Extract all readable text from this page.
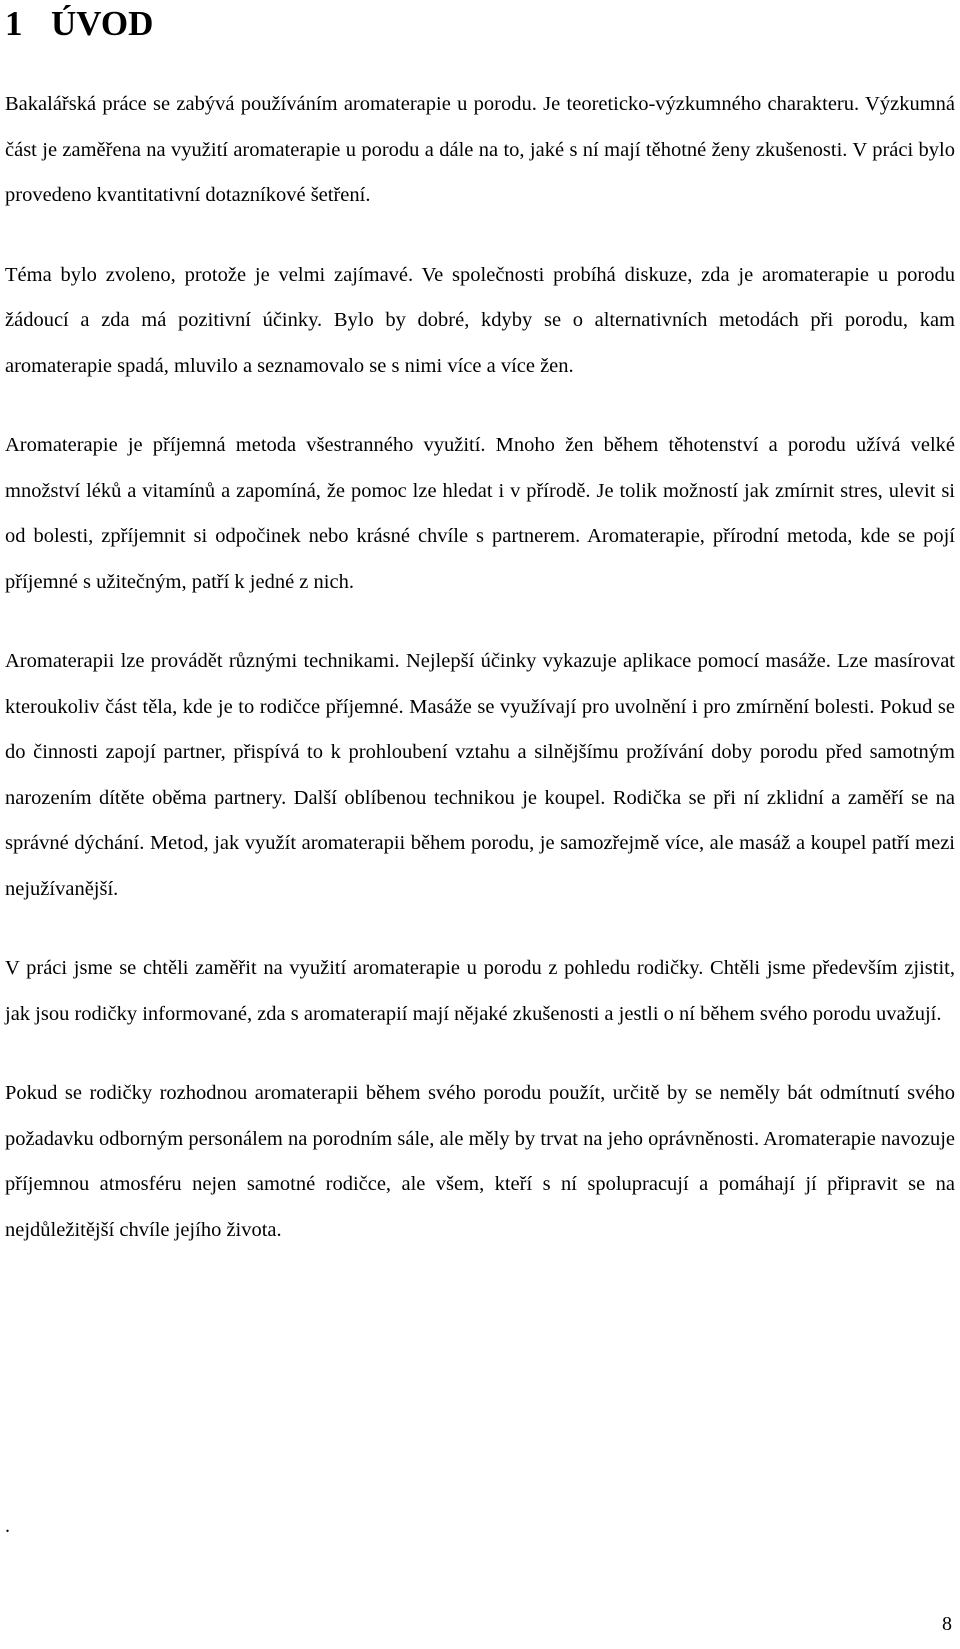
1 ÚVOD

Bakalářská práce se zabývá používáním aromaterapie u porodu. Je teoreticko-výzkumného charakteru. Výzkumná část je zaměřena na využití aromaterapie u porodu a dále na to, jaké s ní mají těhotné ženy zkušenosti. V práci bylo provedeno kvantitativní dotazníkové šetření.

Téma bylo zvoleno, protože je velmi zajímavé. Ve společnosti probíhá diskuze, zda je aromaterapie u porodu žádoucí a zda má pozitivní účinky. Bylo by dobré, kdyby se o alternativních metodách při porodu, kam aromaterapie spadá, mluvilo a seznamovalo se s nimi více a více žen.

Aromaterapie je příjemná metoda všestranného využití. Mnoho žen během těhotenství a porodu užívá velké množství léků a vitamínů a zapomíná, že pomoc lze hledat i v přírodě. Je tolik možností jak zmírnit stres, ulevit si od bolesti, zpříjemnit si odpočinek nebo krásné chvíle s partnerem. Aromaterapie, přírodní metoda, kde se pojí příjemné s užitečným, patří k jedné z nich.

Aromaterapii lze provádět různými technikami. Nejlepší účinky vykazuje aplikace pomocí masáže. Lze masírovat kteroukoliv část těla, kde je to rodičce příjemné. Masáže se využívají pro uvolnění i pro zmírnění bolesti. Pokud se do činnosti zapojí partner, přispívá to k prohloubení vztahu a silnějšímu prožívání doby porodu před samotným narozením dítěte oběma partnery. Další oblíbenou technikou je koupel. Rodička se při ní zklidní a zaměří se na správné dýchání. Metod, jak využít aromaterapii během porodu, je samozřejmě více, ale masáž a koupel patří mezi nejužívanější.

V práci jsme se chtěli zaměřit na využití aromaterapie u porodu z pohledu rodičky. Chtěli jsme především zjistit, jak jsou rodičky informované, zda s aromaterapií mají nějaké zkušenosti a jestli o ní během svého porodu uvažují.

Pokud se rodičky rozhodnou aromaterapii během svého porodu použít, určitě by se neměly bát odmítnutí svého požadavku odborným personálem na porodním sále, ale měly by trvat na jeho oprávněnosti. Aromaterapie navozuje příjemnou atmosféru nejen samotné rodičce, ale všem, kteří s ní spolupracují a pomáhají jí připravit se na nejdůležitější chvíle jejího života.

.
8
